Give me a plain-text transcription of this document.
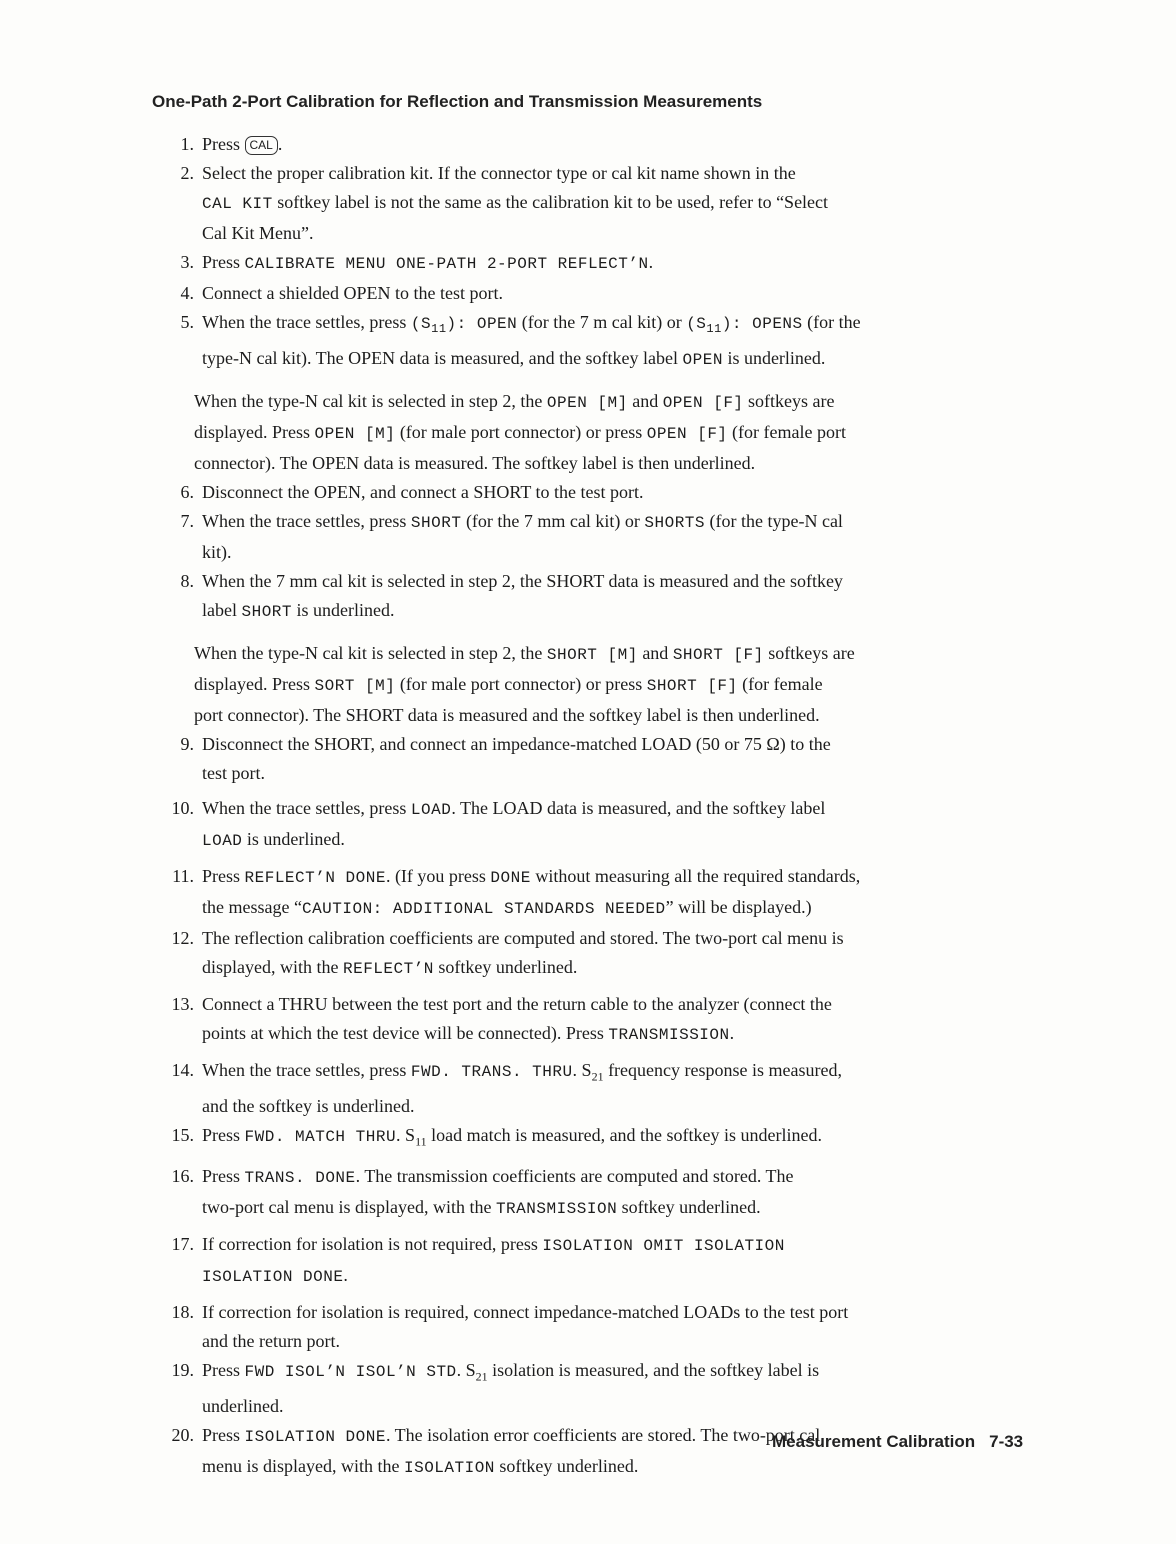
One-Path 2-Port Calibration for Reflection and Transmission Measurements
1. Press CAL .
2. Select the proper calibration kit. If the connector type or cal kit name shown in the
CAL KIT softkey label is not the same as the calibration kit to be used, refer to “Select
Cal Kit Menu”.
3. Press CALIBRATE MENU ONE-PATH 2-PORT REFLECT’N.
4. Connect a shielded OPEN to the test port.
5. When the trace settles, press $(S_{11})$: OPEN (for the 7 m cal kit) or $(S_{11})$: OPENS (for the
type-N cal kit). The OPEN data is measured, and the softkey label OPEN is underlined.
When the type-N cal kit is selected in step 2, the OPEN [M] and OPEN [F] softkeys are
displayed. Press OPEN [M] (for male port connector) or press OPEN [F] (for female port
connector). The OPEN data is measured. The softkey label is then underlined.
6. Disconnect the OPEN, and connect a SHORT to the test port.
7. When the trace settles, press SHORT (for the 7 mm cal kit) or SHORTS (for the type-N cal
kit).
8. When the 7 mm cal kit is selected in step 2, the SHORT data is measured and the softkey
label SHORT is underlined.
When the type-N cal kit is selected in step 2, the SHORT [M] and SHORT [F] softkeys are
displayed. Press SORT [M] (for male port connector) or press SHORT [F] (for female
port connector). The SHORT data is measured and the softkey label is then underlined.
9. Disconnect the SHORT, and connect an impedance-matched LOAD (50 or 75 Ω) to the
test port.
10. When the trace settles, press LOAD. The LOAD data is measured, and the softkey label
LOAD is underlined.
11. Press REFLECT’N DONE. (If you press DONE without measuring all the required standards,
the message “CAUTION: ADDITIONAL STANDARDS NEEDED” will be displayed.)
12. The reflection calibration coefficients are computed and stored. The two-port cal menu is
displayed, with the REFLECT’N softkey underlined.
13. Connect a THRU between the test port and the return cable to the analyzer (connect the
points at which the test device will be connected). Press TRANSMISSION.
14. When the trace settles, press FWD. TRANS. THRU. $S_{21}$ frequency response is measured,
and the softkey is underlined.
15. Press FWD. MATCH THRU. $S_{11}$ load match is measured, and the softkey is underlined.
16. Press TRANS. DONE. The transmission coefficients are computed and stored. The
two-port cal menu is displayed, with the TRANSMISSION softkey underlined.
17. If correction for isolation is not required, press ISOLATION OMIT ISOLATION
ISOLATION DONE.
18. If correction for isolation is required, connect impedance-matched LOADs to the test port
and the return port.
19. Press FWD ISOL’N ISOL’N STD. $S_{21}$ isolation is measured, and the softkey label is
underlined.
20. Press ISOLATION DONE. The isolation error coefficients are stored. The two-port cal
menu is displayed, with the ISOLATION softkey underlined.
Measurement Calibration 7-33
